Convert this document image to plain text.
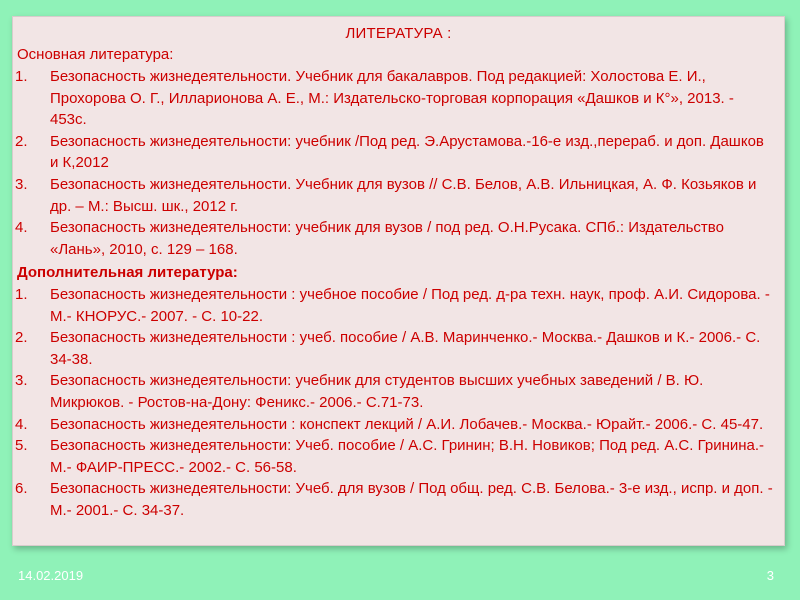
ЛИТЕРАТУРА :
Основная литература:
1. Безопасность жизнедеятельности. Учебник для бакалавров. Под редакцией: Холостова Е. И., Прохорова О. Г., Илларионова А. Е., М.: Издательско-торговая корпорация «Дашков и К°», 2013. - 453с.
2. Безопасность жизнедеятельности: учебник /Под ред. Э.Арустамова.-16-е изд.,перераб. и доп. Дашков и К,2012
3. Безопасность жизнедеятельности. Учебник для вузов // С.В. Белов, А.В. Ильницкая, А. Ф. Козьяков и др. – М.: Высш. шк., 2012 г.
4. Безопасность жизнедеятельности: учебник для вузов / под ред. О.Н.Русака. СПб.: Издательство «Лань», 2010, с. 129 – 168.
Дополнительная литература:
1. Безопасность жизнедеятельности : учебное пособие / Под ред. д-ра техн. наук, проф. А.И. Сидорова. - М.- КНОРУС.- 2007. - С. 10-22.
2. Безопасность жизнедеятельности : учеб. пособие / А.В. Маринченко.- Москва.- Дашков и К.- 2006.- С. 34-38.
3. Безопасность жизнедеятельности: учебник для студентов высших учебных заведений / В. Ю. Микрюков. - Ростов-на-Дону: Феникс.- 2006.- С.71-73.
4. Безопасность жизнедеятельности : конспект лекций / А.И. Лобачев.- Москва.- Юрайт.- 2006.- С. 45-47.
5. Безопасность жизнедеятельности: Учеб. пособие / А.С. Гринин; В.Н. Новиков; Под ред. А.С. Гринина.- М.- ФАИР-ПРЕСС.- 2002.- С. 56-58.
6. Безопасность жизнедеятельности: Учеб. для вузов / Под общ. ред. С.В. Белова.- 3-е изд., испр. и доп. - М.- 2001.- С. 34-37.
14.02.2019	3
